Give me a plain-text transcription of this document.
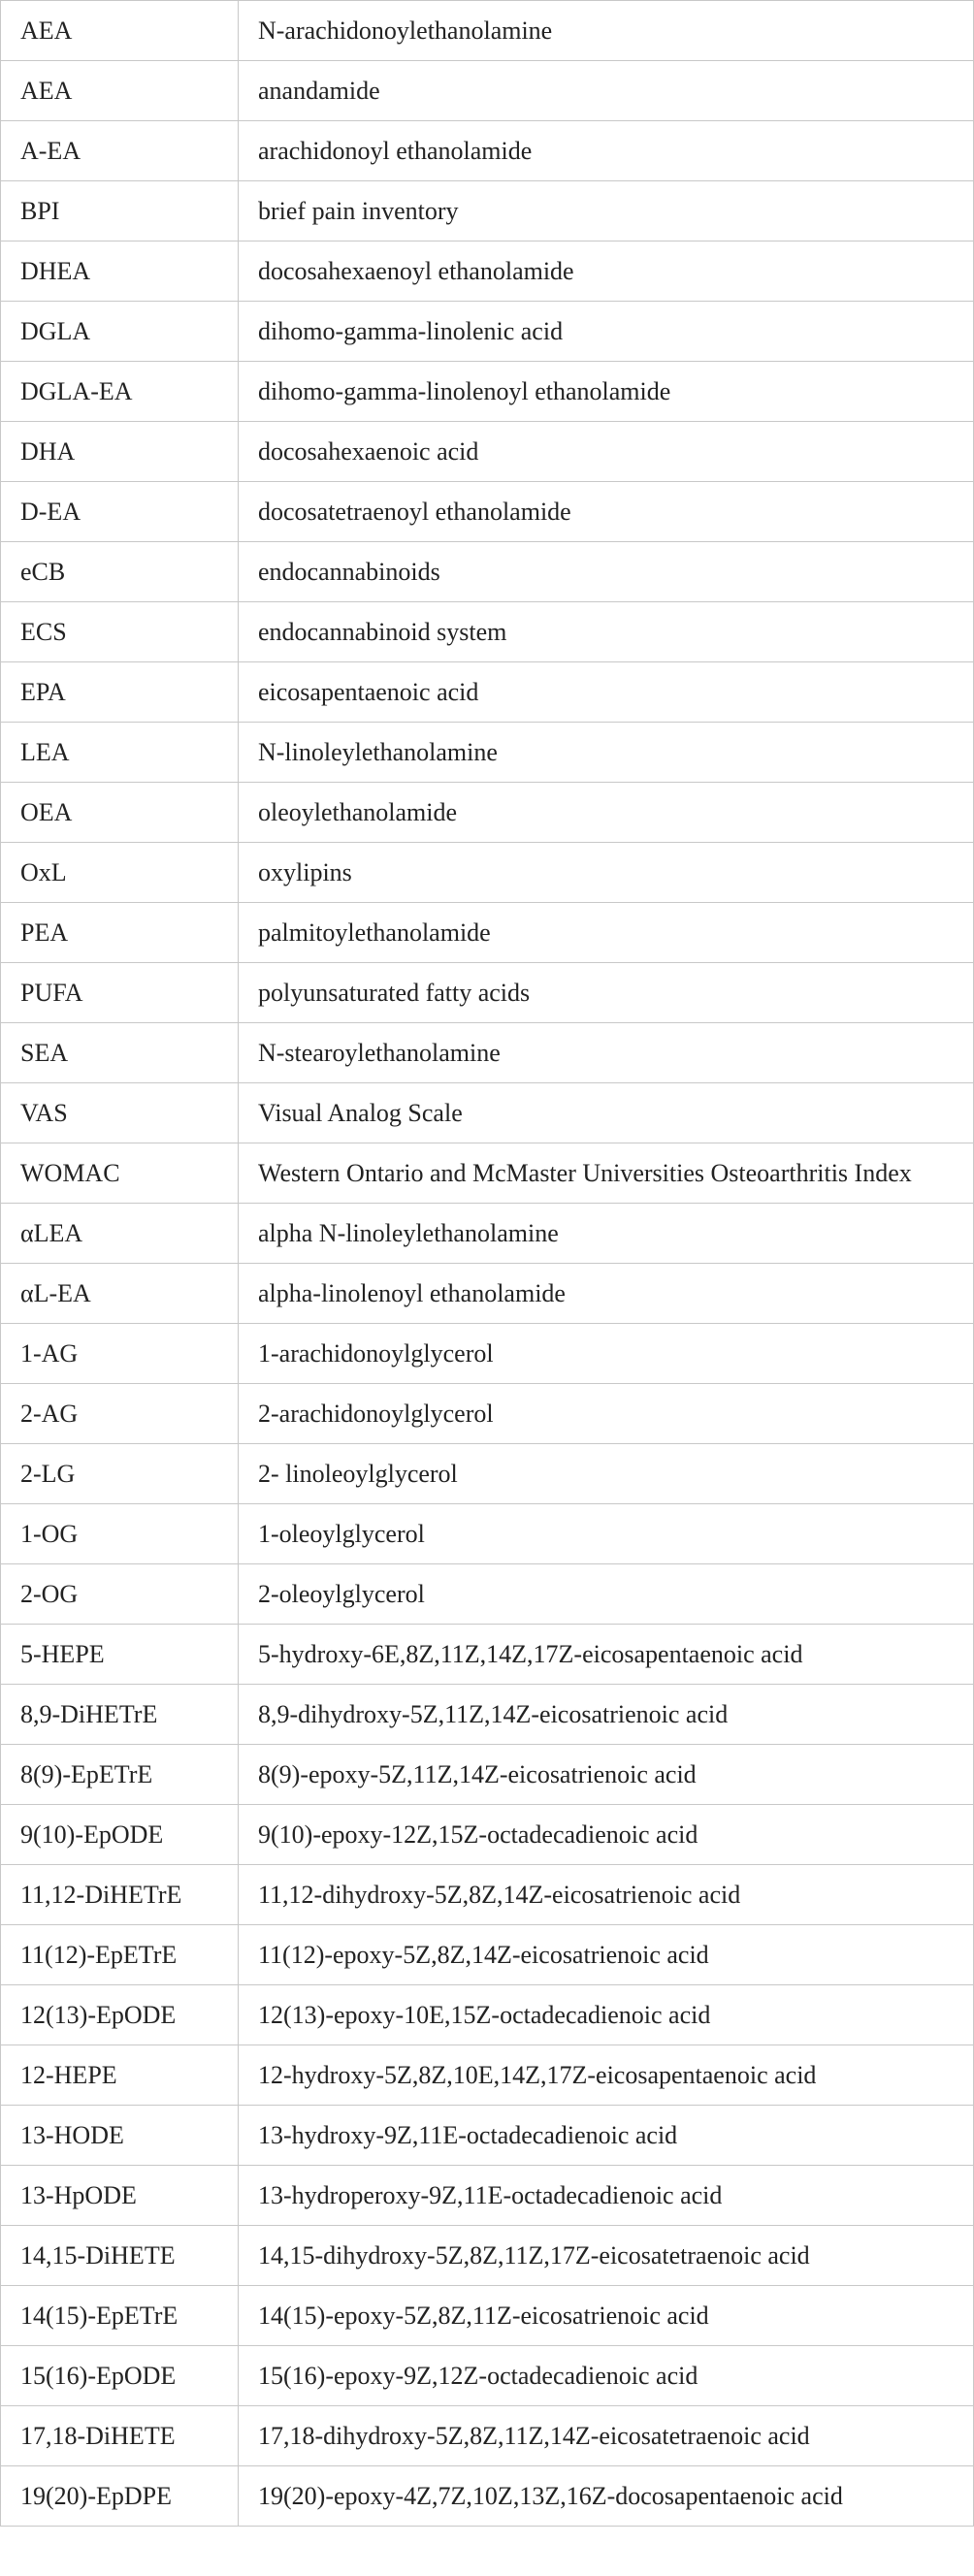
AEA	N-arachidonoylethanolamine
AEA	anandamide
A-EA	arachidonoyl ethanolamide
BPI	brief pain inventory
DHEA	docosahexaenoyl ethanolamide
DGLA	dihomo-gamma-linolenic acid
DGLA-EA	dihomo-gamma-linolenoyl ethanolamide
DHA	docosahexaenoic acid
D-EA	docosatetraenoyl ethanolamide
eCB	endocannabinoids
ECS	endocannabinoid system
EPA	eicosapentaenoic acid
LEA	N-linoleylethanolamine
OEA	oleoylethanolamide
OxL	oxylipins
PEA	palmitoylethanolamide
PUFA	polyunsaturated fatty acids
SEA	N-stearoylethanolamine
VAS	Visual Analog Scale
WOMAC	Western Ontario and McMaster Universities Osteoarthritis Index
αLEA	alpha N-linoleylethanolamine
αL-EA	alpha-linolenoyl ethanolamide
1-AG	1-arachidonoylglycerol
2-AG	2-arachidonoylglycerol
2-LG	2- linoleoylglycerol
1-OG	1-oleoylglycerol
2-OG	2-oleoylglycerol
5-HEPE	5-hydroxy-6E,8Z,11Z,14Z,17Z-eicosapentaenoic acid
8,9-DiHETrE	8,9-dihydroxy-5Z,11Z,14Z-eicosatrienoic acid
8(9)-EpETrE	8(9)-epoxy-5Z,11Z,14Z-eicosatrienoic acid
9(10)-EpODE	9(10)-epoxy-12Z,15Z-octadecadienoic acid
11,12-DiHETrE	11,12-dihydroxy-5Z,8Z,14Z-eicosatrienoic acid
11(12)-EpETrE	11(12)-epoxy-5Z,8Z,14Z-eicosatrienoic acid
12(13)-EpODE	12(13)-epoxy-10E,15Z-octadecadienoic acid
12-HEPE	12-hydroxy-5Z,8Z,10E,14Z,17Z-eicosapentaenoic acid
13-HODE	13-hydroxy-9Z,11E-octadecadienoic acid
13-HpODE	13-hydroperoxy-9Z,11E-octadecadienoic acid
14,15-DiHETE	14,15-dihydroxy-5Z,8Z,11Z,17Z-eicosatetraenoic acid
14(15)-EpETrE	14(15)-epoxy-5Z,8Z,11Z-eicosatrienoic acid
15(16)-EpODE	15(16)-epoxy-9Z,12Z-octadecadienoic acid
17,18-DiHETE	17,18-dihydroxy-5Z,8Z,11Z,14Z-eicosatetraenoic acid
19(20)-EpDPE	19(20)-epoxy-4Z,7Z,10Z,13Z,16Z-docosapentaenoic acid
